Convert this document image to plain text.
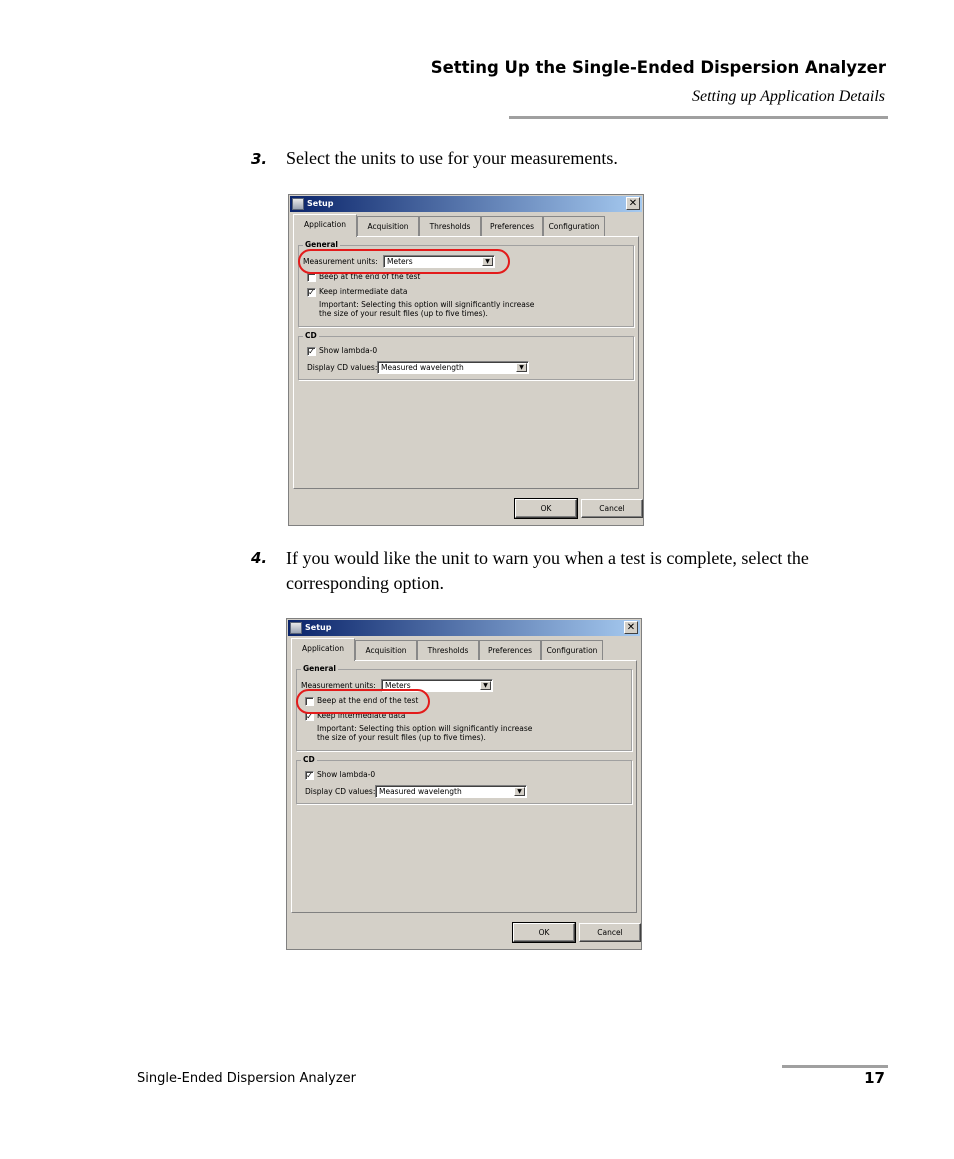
Setting Up the Single-Ended Dispersion Analyzer
Setting up Application Details
3. Select the units to use for your measurements.
Setup	✕
Application	Acquisition	Thresholds	Preferences	Configuration
General
Measurement units: Meters	▼
Beep at the end of the test
✓ Keep intermediate data
Important: Selecting this option will significantly increase
the size of your result files (up to five times).
CD
✓ Show lambda-0
Display CD values: Measured wavelength	▼
OK	Cancel
4. If you would like the unit to warn you when a test is complete, select the corresponding option.
Setup	✕
Application	Acquisition	Thresholds	Preferences	Configuration
General
Measurement units: Meters	▼
Beep at the end of the test
✓ Keep intermediate data
Important: Selecting this option will significantly increase
the size of your result files (up to five times).
CD
✓ Show lambda-0
Display CD values: Measured wavelength	▼
OK	Cancel
Single-Ended Dispersion Analyzer	17
